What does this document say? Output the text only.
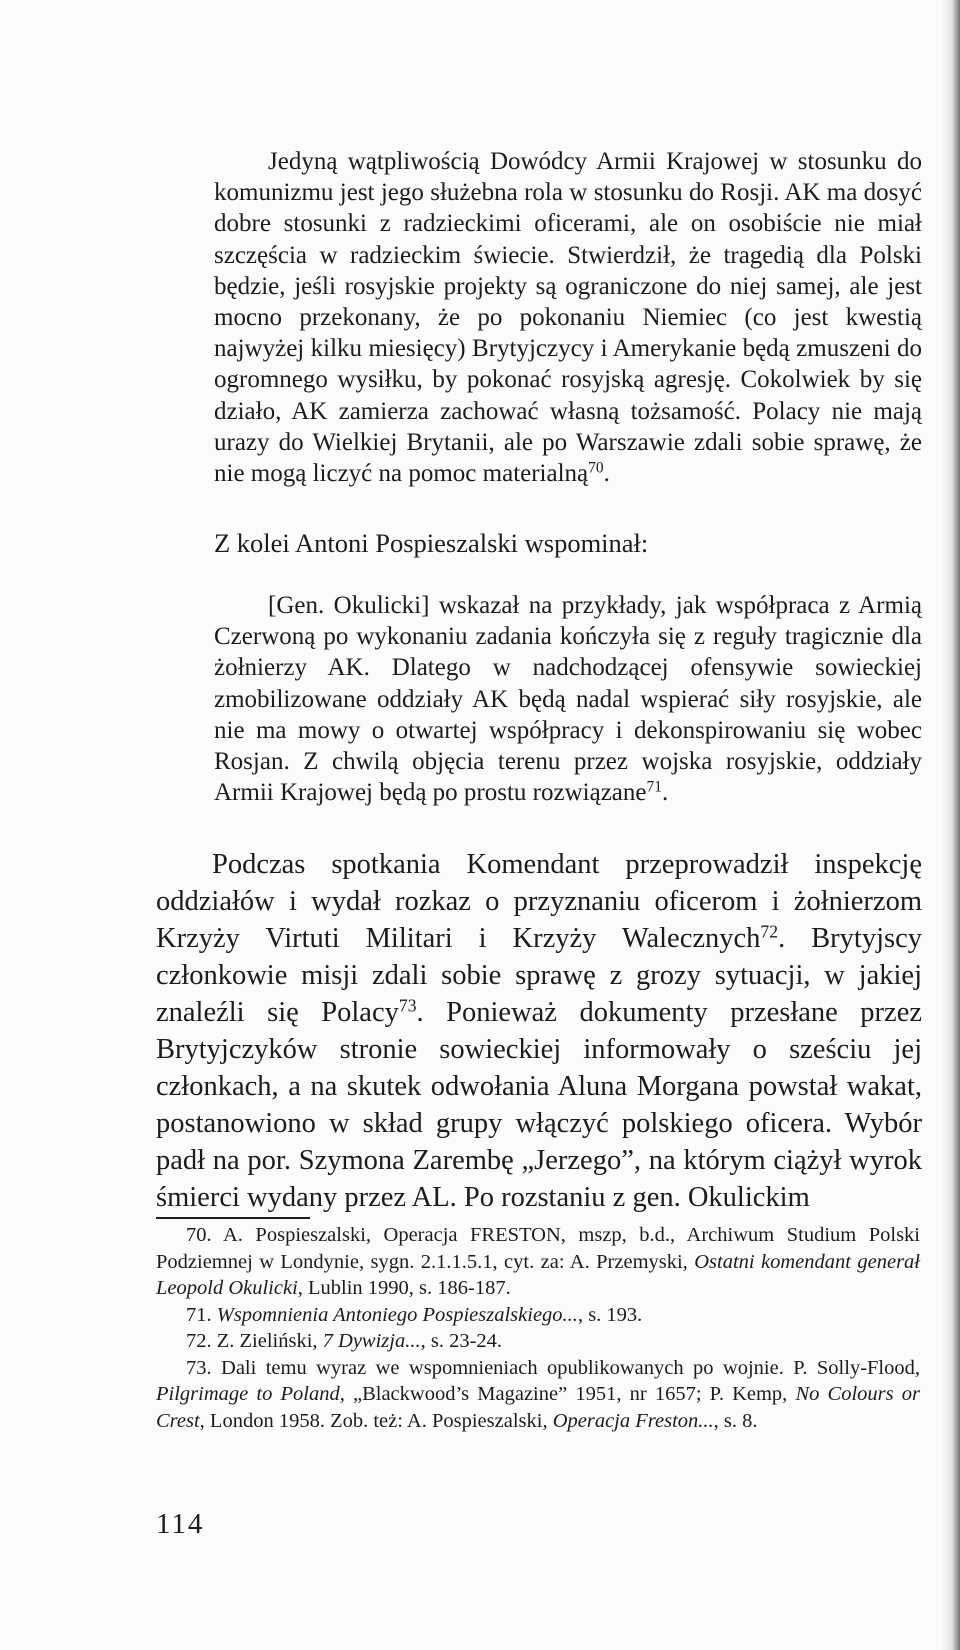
Jedyną wątpliwością Dowódcy Armii Krajowej w stosunku do komunizmu jest jego służebna rola w stosunku do Rosji. AK ma dosyć dobre stosunki z radzieckimi oficerami, ale on osobiście nie miał szczęścia w radzieckim świecie. Stwierdził, że tragedią dla Polski będzie, jeśli rosyjskie projekty są ograniczone do niej samej, ale jest mocno przekonany, że po pokonaniu Niemiec (co jest kwestią najwyżej kilku miesięcy) Brytyjczycy i Amerykanie będą zmuszeni do ogromnego wysiłku, by pokonać rosyjską agresję. Cokolwiek by się działo, AK zamierza zachować własną tożsamość. Polacy nie mają urazy do Wielkiej Brytanii, ale po Warszawie zdali sobie sprawę, że nie mogą liczyć na pomoc materialną$^{70}$.

Z kolei Antoni Pospieszalski wspominał:

[Gen. Okulicki] wskazał na przykłady, jak współpraca z Armią Czerwoną po wykonaniu zadania kończyła się z reguły tragicznie dla żołnierzy AK. Dlatego w nadchodzącej ofensywie sowieckiej zmobilizowane oddziały AK będą nadal wspierać siły rosyjskie, ale nie ma mowy o otwartej współpracy i dekonspirowaniu się wobec Rosjan. Z chwilą objęcia terenu przez wojska rosyjskie, oddziały Armii Krajowej będą po prostu rozwiązane$^{71}$.

Podczas spotkania Komendant przeprowadził inspekcję oddziałów i wydał rozkaz o przyznaniu oficerom i żołnierzom Krzyży Virtuti Militari i Krzyży Walecznych$^{72}$. Brytyjscy członkowie misji zdali sobie sprawę z grozy sytuacji, w jakiej znaleźli się Polacy$^{73}$. Ponieważ dokumenty przesłane przez Brytyjczyków stronie sowieckiej informowały o sześciu jej członkach, a na skutek odwołania Aluna Morgana powstał wakat, postanowiono w skład grupy włączyć polskiego oficera. Wybór padł na por. Szymona Zarembę „Jerzego”, na którym ciążył wyrok śmierci wydany przez AL. Po rozstaniu z gen. Okulickim

70. A. Pospieszalski, Operacja FRESTON, mszp, b.d., Archiwum Studium Polski Podziemnej w Londynie, sygn. 2.1.1.5.1, cyt. za: A. Przemyski, Ostatni komendant generał Leopold Okulicki, Lublin 1990, s. 186-187.

71. Wspomnienia Antoniego Pospieszalskiego..., s. 193.

72. Z. Zieliński, 7 Dywizja..., s. 23-24.

73. Dali temu wyraz we wspomnieniach opublikowanych po wojnie. P. Solly-Flood, Pilgrimage to Poland, „Blackwood’s Magazine” 1951, nr 1657; P. Kemp, No Colours or Crest, London 1958. Zob. też: A. Pospieszalski, Operacja Freston..., s. 8.

114
